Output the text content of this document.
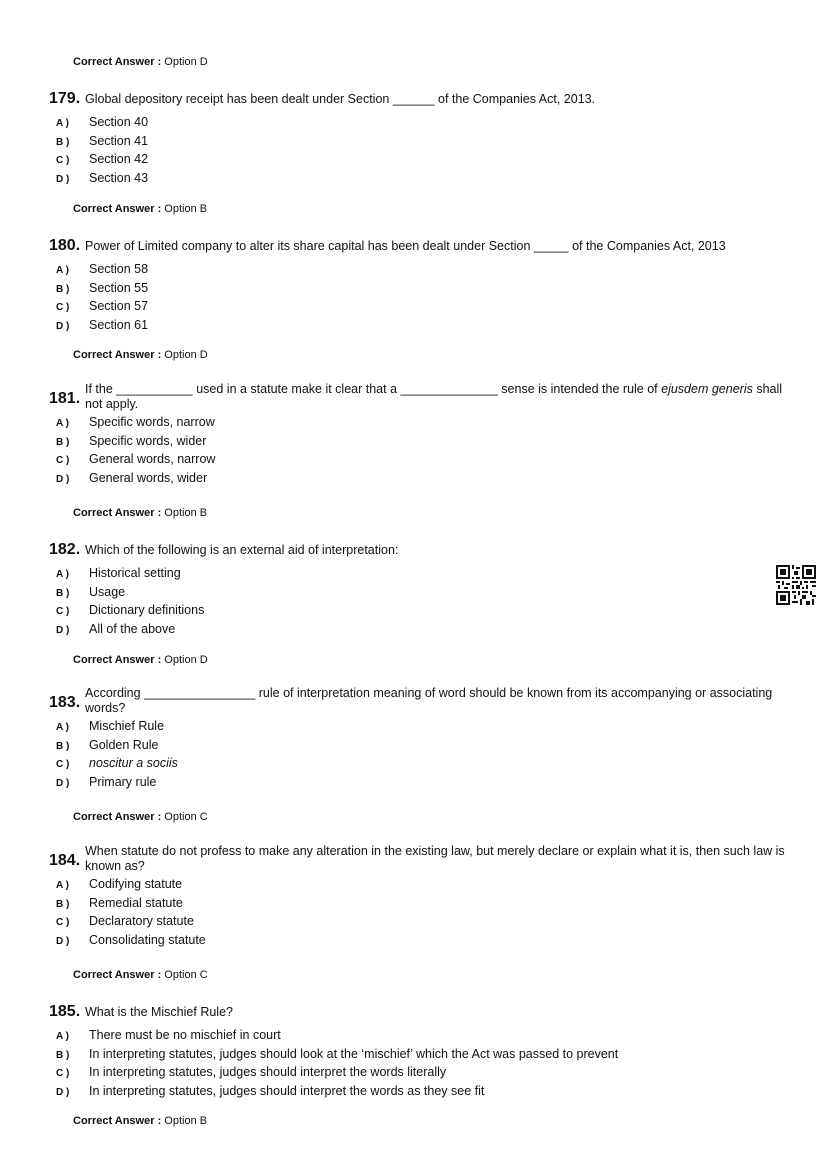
Correct Answer : Option D
179. Global depository receipt has been dealt under Section ______ of the Companies Act, 2013.
A ) Section 40
B ) Section 41
C ) Section 42
D ) Section 43
Correct Answer : Option B
180. Power of Limited company to alter its share capital has been dealt under Section _____ of the Companies Act, 2013
A ) Section 58
B ) Section 55
C ) Section 57
D ) Section 61
Correct Answer : Option D
181.
If the ___________ used in a statute make it clear that a ______________ sense is intended the rule of ejusdem generis shall not apply.
A ) Specific words, narrow
B ) Specific words, wider
C ) General words, narrow
D ) General words, wider
Correct Answer : Option B
182. Which of the following is an external aid of interpretation:
A ) Historical setting
B ) Usage
C ) Dictionary definitions
D ) All of the above
Correct Answer : Option D
183.
According ________________ rule of interpretation meaning of word should be known from its accompanying or associating words?
A ) Mischief Rule
B ) Golden Rule
C ) noscitur a sociis
D ) Primary rule
Correct Answer : Option C
184.
When statute do not profess to make any alteration in the existing law, but merely declare or explain what it is, then such law is known as?
A ) Codifying statute
B ) Remedial statute
C ) Declaratory statute
D ) Consolidating statute
Correct Answer : Option C
185. What is the Mischief Rule?
A ) There must be no mischief in court
B ) In interpreting statutes, judges should look at the ‘mischief’ which the Act was passed to prevent
C ) In interpreting statutes, judges should interpret the words literally
D ) In interpreting statutes, judges should interpret the words as they see fit
Correct Answer : Option B
